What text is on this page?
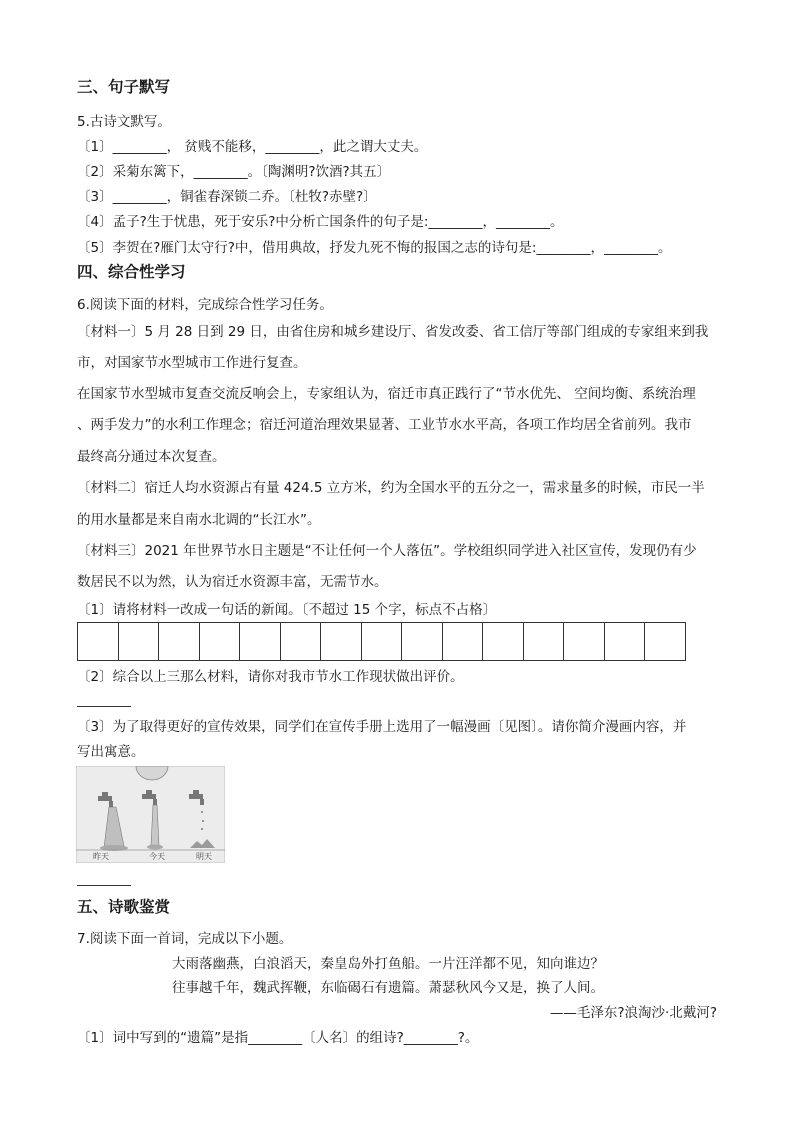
三、句子默写
5.古诗文默写。
〔1〕________， 贫贱不能移，________，此之谓大丈夫。
〔2〕采菊东篱下，________。〔陶渊明?饮酒?其五〕
〔3〕________，铜雀春深锁二乔。〔杜牧?赤壁?〕
〔4〕孟子?生于忧患，死于安乐?中分析亡国条件的句子是:________，________。
〔5〕李贺在?雁门太守行?中，借用典故，抒发九死不悔的报国之志的诗句是:________，________。
四、综合性学习
6.阅读下面的材料，完成综合性学习任务。
〔材料一〕5 月 28 日到 29 日，由省住房和城乡建设厅、省发改委、省工信厅等部门组成的专家组来到我
市，对国家节水型城市工作进行复查。
在国家节水型城市复查交流反响会上，专家组认为，宿迁市真正践行了“节水优先、 空间均衡、系统治理
、两手发力”的水利工作理念；宿迁河道治理效果显著、工业节水水平高，各项工作均居全省前列。我市
最终高分通过本次复查。
〔材料二〕宿迁人均水资源占有量 424.5 立方米，约为全国水平的五分之一，需求量多的时候，市民一半
的用水量都是来自南水北调的“长江水”。
〔材料三〕2021 年世界节水日主题是“不让任何一个人落伍”。学校组织同学进入社区宣传，发现仍有少
数居民不以为然，认为宿迁水资源丰富，无需节水。
〔1〕请将材料一改成一句话的新闻。〔不超过 15 个字，标点不占格〕
〔2〕综合以上三那么材料，请你对我市节水工作现状做出评价。
〔3〕为了取得更好的宣传效果，同学们在宣传手册上选用了一幅漫画〔见图〕。请你简介漫画内容，并
写出寓意。
昨天	今天	明天
五、诗歌鉴赏
7.阅读下面一首词，完成以下小题。
大雨落幽燕，白浪滔天，秦皇岛外打鱼船。一片汪洋都不见，知向谁边？
往事越千年，魏武挥鞭，东临碣石有遗篇。萧瑟秋风今又是，换了人间。
——毛泽东?浪淘沙·北戴河?
〔1〕词中写到的“遗篇”是指________〔人名〕的组诗?________?。
